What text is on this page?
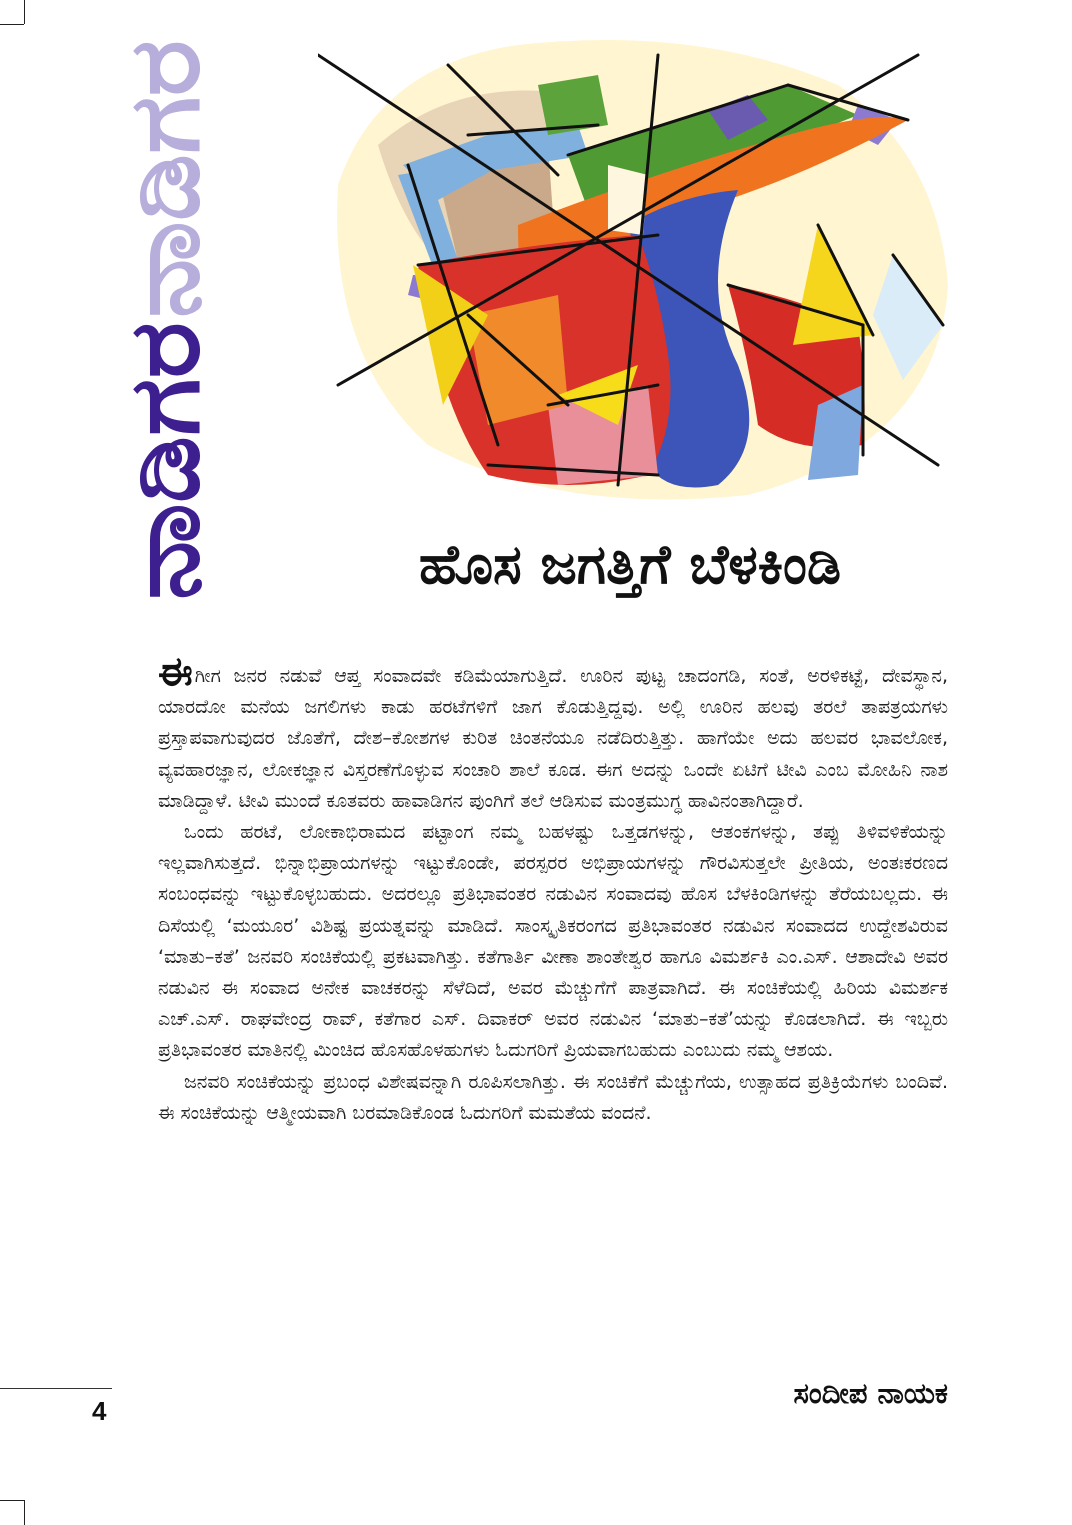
ನಾಡಿಗರ
ನಾಡಿಗರ
ಹೊಸ ಜಗತ್ತಿಗೆ ಬೆಳಕಿಂಡಿ

ಈಗೀಗ ಜನರ ನಡುವೆ ಆಪ್ತ ಸಂವಾದವೇ ಕಡಿಮೆಯಾಗುತ್ತಿದೆ. ಊರಿನ ಪುಟ್ಟ ಚಾದಂಗಡಿ, ಸಂತೆ, ಅರಳಿಕಟ್ಟೆ, ದೇವಸ್ಥಾನ, ಯಾರದೋ ಮನೆಯ ಜಗಲಿಗಳು ಕಾಡು ಹರಟೆಗಳಿಗೆ ಜಾಗ ಕೊಡುತ್ತಿದ್ದವು. ಅಲ್ಲಿ ಊರಿನ ಹಲವು ತರಲೆ ತಾಪತ್ರಯಗಳು ಪ್ರಸ್ತಾಪವಾಗುವುದರ ಜೊತೆಗೆ, ದೇಶ–ಕೋಶಗಳ ಕುರಿತ ಚಿಂತನೆಯೂ ನಡೆದಿರುತ್ತಿತ್ತು. ಹಾಗೆಯೇ ಅದು ಹಲವರ ಭಾವಲೋಕ, ವ್ಯವಹಾರಜ್ಞಾನ, ಲೋಕಜ್ಞಾನ ವಿಸ್ತರಣೆಗೊಳ್ಳುವ ಸಂಚಾರಿ ಶಾಲೆ ಕೂಡ. ಈಗ ಅದನ್ನು ಒಂದೇ ಏಟಿಗೆ ಟೀವಿ ಎಂಬ ಮೋಹಿನಿ ನಾಶ ಮಾಡಿದ್ದಾಳೆ. ಟೀವಿ ಮುಂದೆ ಕೂತವರು ಹಾವಾಡಿಗನ ಪುಂಗಿಗೆ ತಲೆ ಆಡಿಸುವ ಮಂತ್ರಮುಗ್ಧ ಹಾವಿನಂತಾಗಿದ್ದಾರೆ.

ಒಂದು ಹರಟೆ, ಲೋಕಾಭಿರಾಮದ ಪಟ್ಟಾಂಗ ನಮ್ಮ ಬಹಳಷ್ಟು ಒತ್ತಡಗಳನ್ನು, ಆತಂಕಗಳನ್ನು, ತಪ್ಪು ತಿಳಿವಳಿಕೆಯನ್ನು ಇಲ್ಲವಾಗಿಸುತ್ತದೆ. ಭಿನ್ನಾಭಿಪ್ರಾಯಗಳನ್ನು ಇಟ್ಟುಕೊಂಡೇ, ಪರಸ್ಪರರ ಅಭಿಪ್ರಾಯಗಳನ್ನು ಗೌರವಿಸುತ್ತಲೇ ಪ್ರೀತಿಯ, ಅಂತಃಕರಣದ ಸಂಬಂಧವನ್ನು ಇಟ್ಟುಕೊಳ್ಳಬಹುದು. ಅದರಲ್ಲೂ ಪ್ರತಿಭಾವಂತರ ನಡುವಿನ ಸಂವಾದವು ಹೊಸ ಬೆಳಕಿಂಡಿಗಳನ್ನು ತೆರೆಯಬಲ್ಲದು. ಈ ದಿಸೆಯಲ್ಲಿ ‘ಮಯೂರ’ ವಿಶಿಷ್ಟ ಪ್ರಯತ್ನವನ್ನು ಮಾಡಿದೆ. ಸಾಂಸ್ಕೃತಿಕರಂಗದ ಪ್ರತಿಭಾವಂತರ ನಡುವಿನ ಸಂವಾದದ ಉದ್ದೇಶವಿರುವ ‘ಮಾತು–ಕತೆ’ ಜನವರಿ ಸಂಚಿಕೆಯಲ್ಲಿ ಪ್ರಕಟವಾಗಿತ್ತು. ಕತೆಗಾರ್ತಿ ವೀಣಾ ಶಾಂತೇಶ್ವರ ಹಾಗೂ ವಿಮರ್ಶಕಿ ಎಂ.ಎಸ್. ಆಶಾದೇವಿ ಅವರ ನಡುವಿನ ಈ ಸಂವಾದ ಅನೇಕ ವಾಚಕರನ್ನು ಸೆಳೆದಿದೆ, ಅವರ ಮೆಚ್ಚುಗೆಗೆ ಪಾತ್ರವಾಗಿದೆ. ಈ ಸಂಚಿಕೆಯಲ್ಲಿ ಹಿರಿಯ ವಿಮರ್ಶಕ ಎಚ್.ಎಸ್. ರಾಘವೇಂದ್ರ ರಾವ್, ಕತೆಗಾರ ಎಸ್. ದಿವಾಕರ್ ಅವರ ನಡುವಿನ ‘ಮಾತು–ಕತೆ’ಯನ್ನು ಕೊಡಲಾಗಿದೆ. ಈ ಇಬ್ಬರು ಪ್ರತಿಭಾವಂತರ ಮಾತಿನಲ್ಲಿ ಮಿಂಚಿದ ಹೊಸಹೊಳಹುಗಳು ಓದುಗರಿಗೆ ಪ್ರಿಯವಾಗಬಹುದು ಎಂಬುದು ನಮ್ಮ ಆಶಯ.

ಜನವರಿ ಸಂಚಿಕೆಯನ್ನು ಪ್ರಬಂಧ ವಿಶೇಷವನ್ನಾಗಿ ರೂಪಿಸಲಾಗಿತ್ತು. ಈ ಸಂಚಿಕೆಗೆ ಮೆಚ್ಚುಗೆಯ, ಉತ್ಸಾಹದ ಪ್ರತಿಕ್ರಿಯೆಗಳು ಬಂದಿವೆ. ಈ ಸಂಚಿಕೆಯನ್ನು ಆತ್ಮೀಯವಾಗಿ ಬರಮಾಡಿಕೊಂಡ ಓದುಗರಿಗೆ ಮಮತೆಯ ವಂದನೆ.

ಸಂದೀಪ ನಾಯಕ
4
